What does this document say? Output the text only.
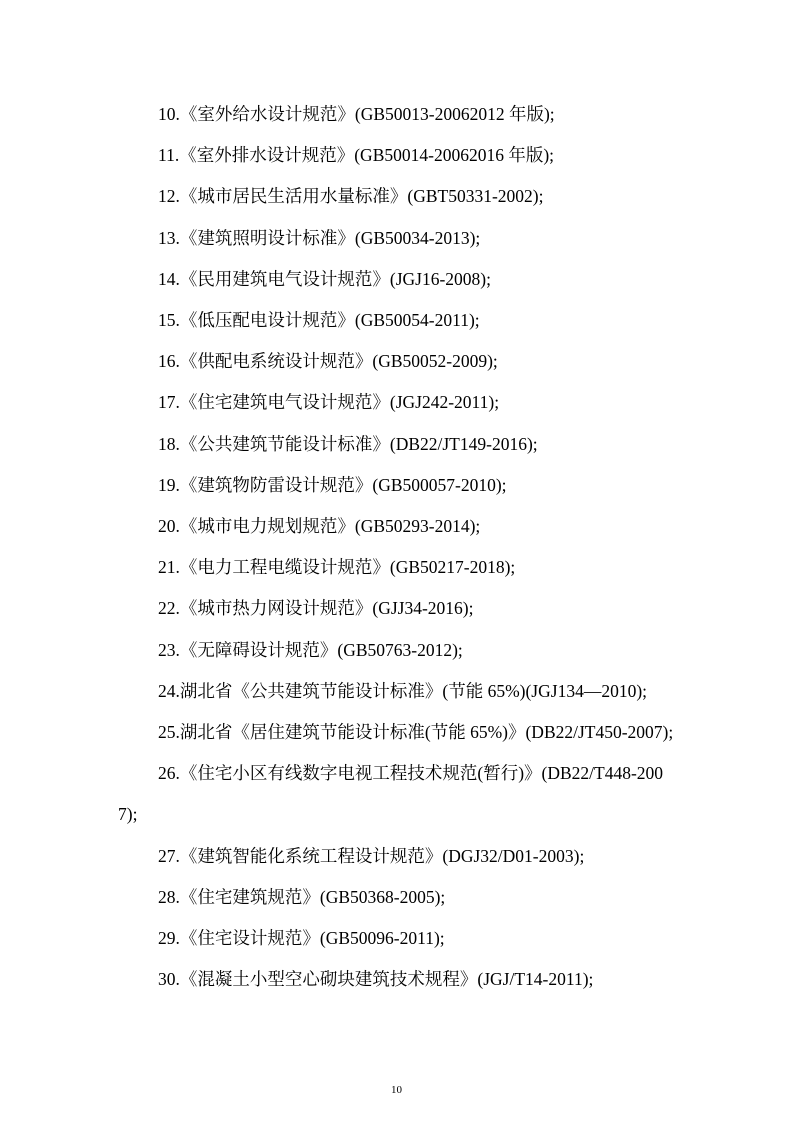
10.《室外给水设计规范》(GB50013-20062012 年版);

11.《室外排水设计规范》(GB50014-20062016 年版);

12.《城市居民生活用水量标准》(GBT50331-2002);

13.《建筑照明设计标准》(GB50034-2013);

14.《民用建筑电气设计规范》(JGJ16-2008);

15.《低压配电设计规范》(GB50054-2011);

16.《供配电系统设计规范》(GB50052-2009);

17.《住宅建筑电气设计规范》(JGJ242-2011);

18.《公共建筑节能设计标准》(DB22/JT149-2016);

19.《建筑物防雷设计规范》(GB500057-2010);

20.《城市电力规划规范》(GB50293-2014);

21.《电力工程电缆设计规范》(GB50217-2018);

22.《城市热力网设计规范》(GJJ34-2016);

23.《无障碍设计规范》(GB50763-2012);

24.湖北省《公共建筑节能设计标准》(节能 65%)(JGJ134—2010);

25.湖北省《居住建筑节能设计标准(节能 65%)》(DB22/JT450-2007);

26.《住宅小区有线数字电视工程技术规范(暂行)》(DB22/T448-2007);

27.《建筑智能化系统工程设计规范》(DGJ32/D01-2003);

28.《住宅建筑规范》(GB50368-2005);

29.《住宅设计规范》(GB50096-2011);

30.《混凝土小型空心砌块建筑技术规程》(JGJ/T14-2011);

10
